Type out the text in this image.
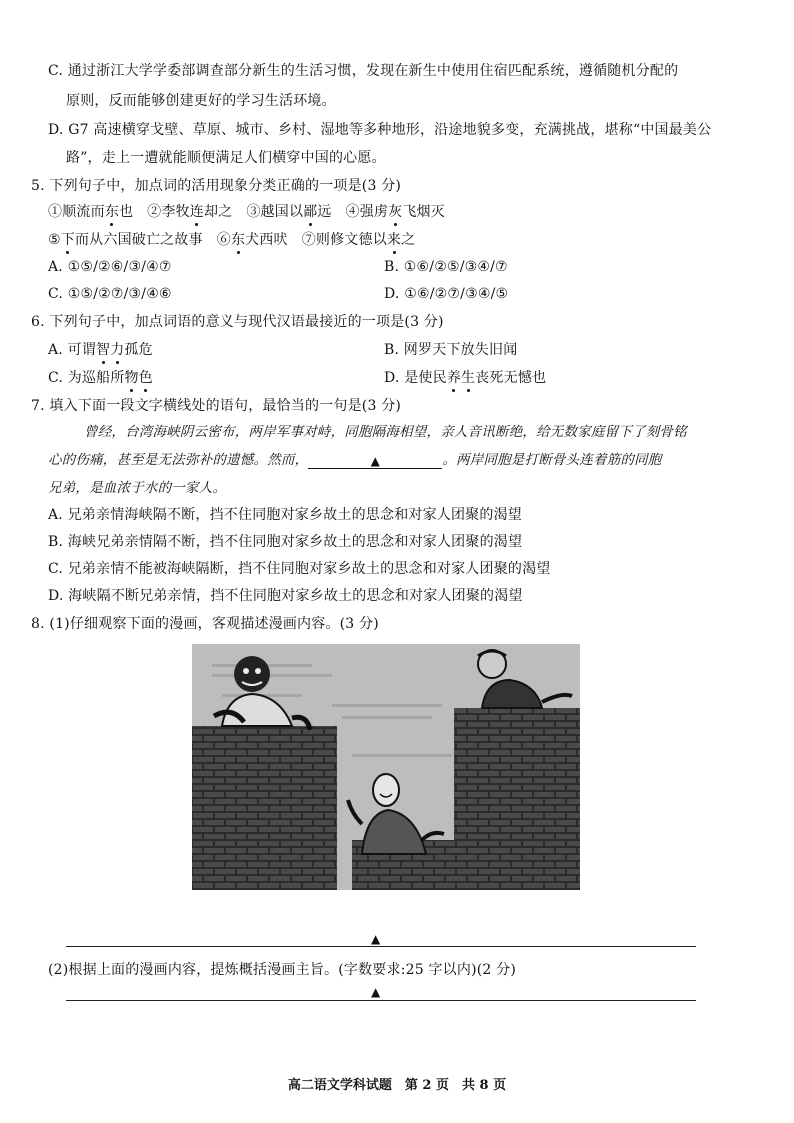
C. 通过浙江大学学委部调查部分新生的生活习惯，发现在新生中使用住宿匹配系统，遵循随机分配的
原则，反而能够创建更好的学习生活环境。
D. G7 高速横穿戈壁、草原、城市、乡村、湿地等多种地形，沿途地貌多变，充满挑战，堪称“中国最美公
路”，走上一遭就能顺便满足人们横穿中国的心愿。
5. 下列句子中，加点词的活用现象分类正确的一项是(3 分)
①顺流而东也 ②李牧连却之 ③越国以鄙远 ④强虏灰飞烟灭
⑤下而从六国破亡之故事 ⑥东犬西吠 ⑦则修文德以来之
A. ①⑤/②⑥/③/④⑦	B. ①⑥/②⑤/③④/⑦
C. ①⑤/②⑦/③/④⑥	D. ①⑥/②⑦/③④/⑤
6. 下列句子中，加点词语的意义与现代汉语最接近的一项是(3 分)
A. 可谓智力孤危	B. 网罗天下放失旧闻
C. 为巡船所物色	D. 是使民养生丧死无憾也
7. 填入下面一段文字横线处的语句，最恰当的一句是(3 分)
曾经，台湾海峡阴云密布，两岸军事对峙，同胞隔海相望，亲人音讯断绝，给无数家庭留下了刻骨铭
心的伤痛，甚至是无法弥补的遗憾。然而，	▲	。两岸同胞是打断骨头连着筋的同胞
兄弟，是血浓于水的一家人。
A. 兄弟亲情海峡隔不断，挡不住同胞对家乡故土的思念和对家人团聚的渴望
B. 海峡兄弟亲情隔不断，挡不住同胞对家乡故土的思念和对家人团聚的渴望
C. 兄弟亲情不能被海峡隔断，挡不住同胞对家乡故土的思念和对家人团聚的渴望
D. 海峡隔不断兄弟亲情，挡不住同胞对家乡故土的思念和对家人团聚的渴望
8. (1)仔细观察下面的漫画，客观描述漫画内容。(3 分)
▲
(2)根据上面的漫画内容，提炼概括漫画主旨。(字数要求:25 字以内)(2 分)
▲
高二语文学科试题　第 2 页　共 8 页
